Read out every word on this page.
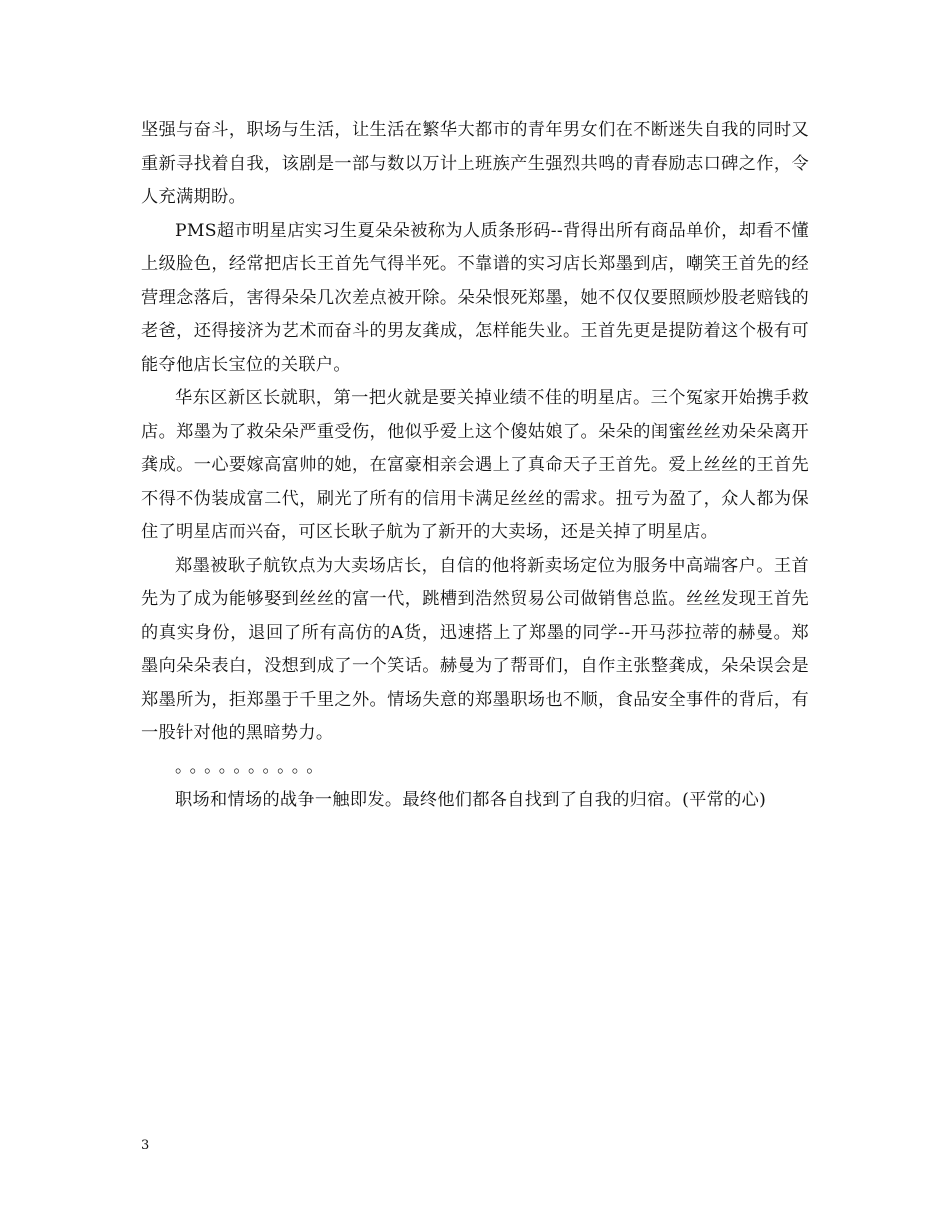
坚强与奋斗，职场与生活，让生活在繁华大都市的青年男女们在不断迷失自我的同时又重新寻找着自我，该剧是一部与数以万计上班族产生强烈共鸣的青春励志口碑之作，令人充满期盼。

PMS超市明星店实习生夏朵朵被称为人质条形码--背得出所有商品单价，却看不懂上级脸色，经常把店长王首先气得半死。不靠谱的实习店长郑墨到店，嘲笑王首先的经营理念落后，害得朵朵几次差点被开除。朵朵恨死郑墨，她不仅仅要照顾炒股老赔钱的老爸，还得接济为艺术而奋斗的男友龚成，怎样能失业。王首先更是提防着这个极有可能夺他店长宝位的关联户。

华东区新区长就职，第一把火就是要关掉业绩不佳的明星店。三个冤家开始携手救店。郑墨为了救朵朵严重受伤，他似乎爱上这个傻姑娘了。朵朵的闺蜜丝丝劝朵朵离开龚成。一心要嫁高富帅的她，在富豪相亲会遇上了真命天子王首先。爱上丝丝的王首先不得不伪装成富二代，刷光了所有的信用卡满足丝丝的需求。扭亏为盈了，众人都为保住了明星店而兴奋，可区长耿子航为了新开的大卖场，还是关掉了明星店。

郑墨被耿子航钦点为大卖场店长，自信的他将新卖场定位为服务中高端客户。王首先为了成为能够娶到丝丝的富一代，跳槽到浩然贸易公司做销售总监。丝丝发现王首先的真实身份，退回了所有高仿的A货，迅速搭上了郑墨的同学--开马莎拉蒂的赫曼。郑墨向朵朵表白，没想到成了一个笑话。赫曼为了帮哥们，自作主张整龚成，朵朵误会是郑墨所为，拒郑墨于千里之外。情场失意的郑墨职场也不顺，食品安全事件的背后，有一股针对他的黑暗势力。

。。。。。。。。。。

职场和情场的战争一触即发。最终他们都各自找到了自我的归宿。(平常的心)

3
